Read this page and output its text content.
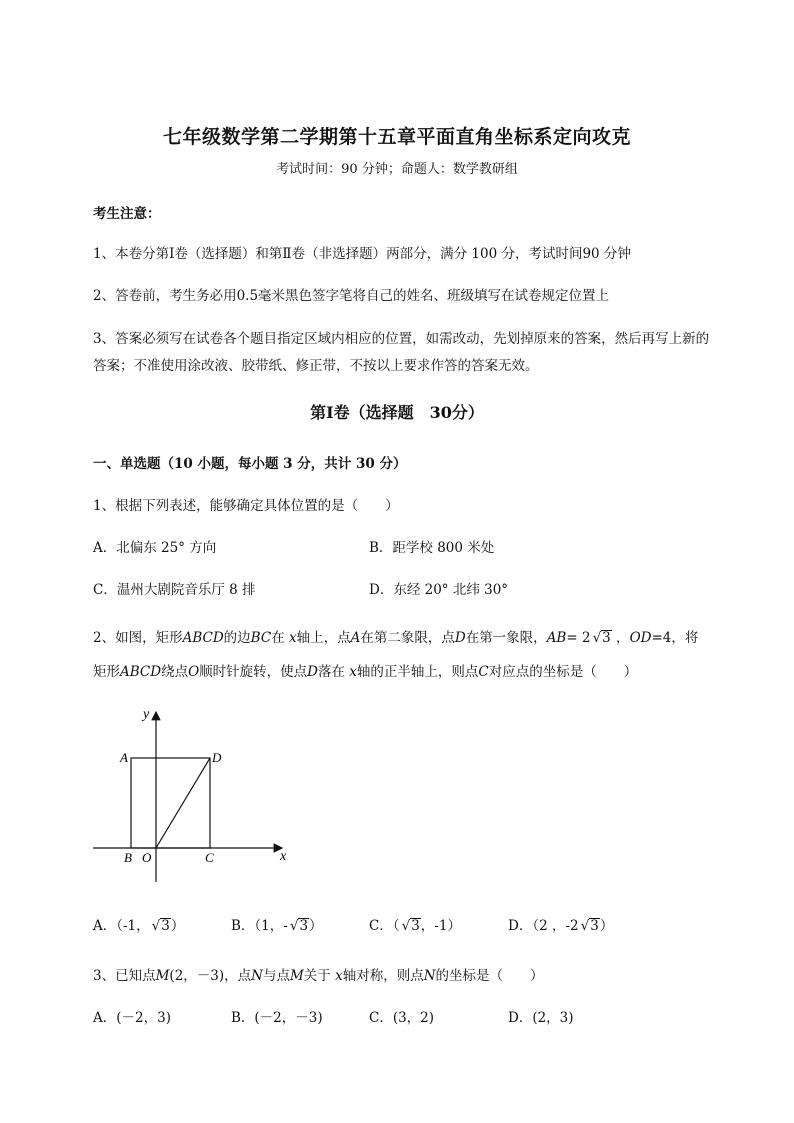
七年级数学第二学期第十五章平面直角坐标系定向攻克
考试时间：90 分钟；命题人：数学教研组
考生注意：
1、本卷分第Ⅰ卷（选择题）和第Ⅱ卷（非选择题）两部分，满分 100 分，考试时间90 分钟
2、答卷前，考生务必用0.5毫米黑色签字笔将自己的姓名、班级填写在试卷规定位置上
3、答案必须写在试卷各个题目指定区域内相应的位置，如需改动，先划掉原来的答案，然后再写上新的答案；不准使用涂改液、胶带纸、修正带，不按以上要求作答的答案无效。
第Ⅰ卷（选择题　30分）
一、单选题（10 小题，每小题 3 分，共计 30 分）
1、根据下列表述，能够确定具体位置的是（　　）
A．北偏东 25° 方向	B．距学校 800 米处
C．温州大剧院音乐厅 8 排	D．东经 20° 北纬 30°
2、如图，矩形ABCD的边BC在 x轴上，点A在第二象限，点D在第一象限，AB= 2 √ 3 ，OD=4，将
矩形ABCD绕点O顺时针旋转，使点D落在 x轴的正半轴上，则点C对应点的坐标是（　　）
y
x
A	D
B O	C
A．（-1， √ 3）	B．（1，- √ 3）	C．（ √ 3，-1）	D．（2 ，-2 √ 3）
3、已知点M(2，－3)，点N与点M关于 x轴对称，则点N的坐标是（　　）
A．(－2，3)	B．(－2，－3)	C．(3，2)	D．(2，3)
